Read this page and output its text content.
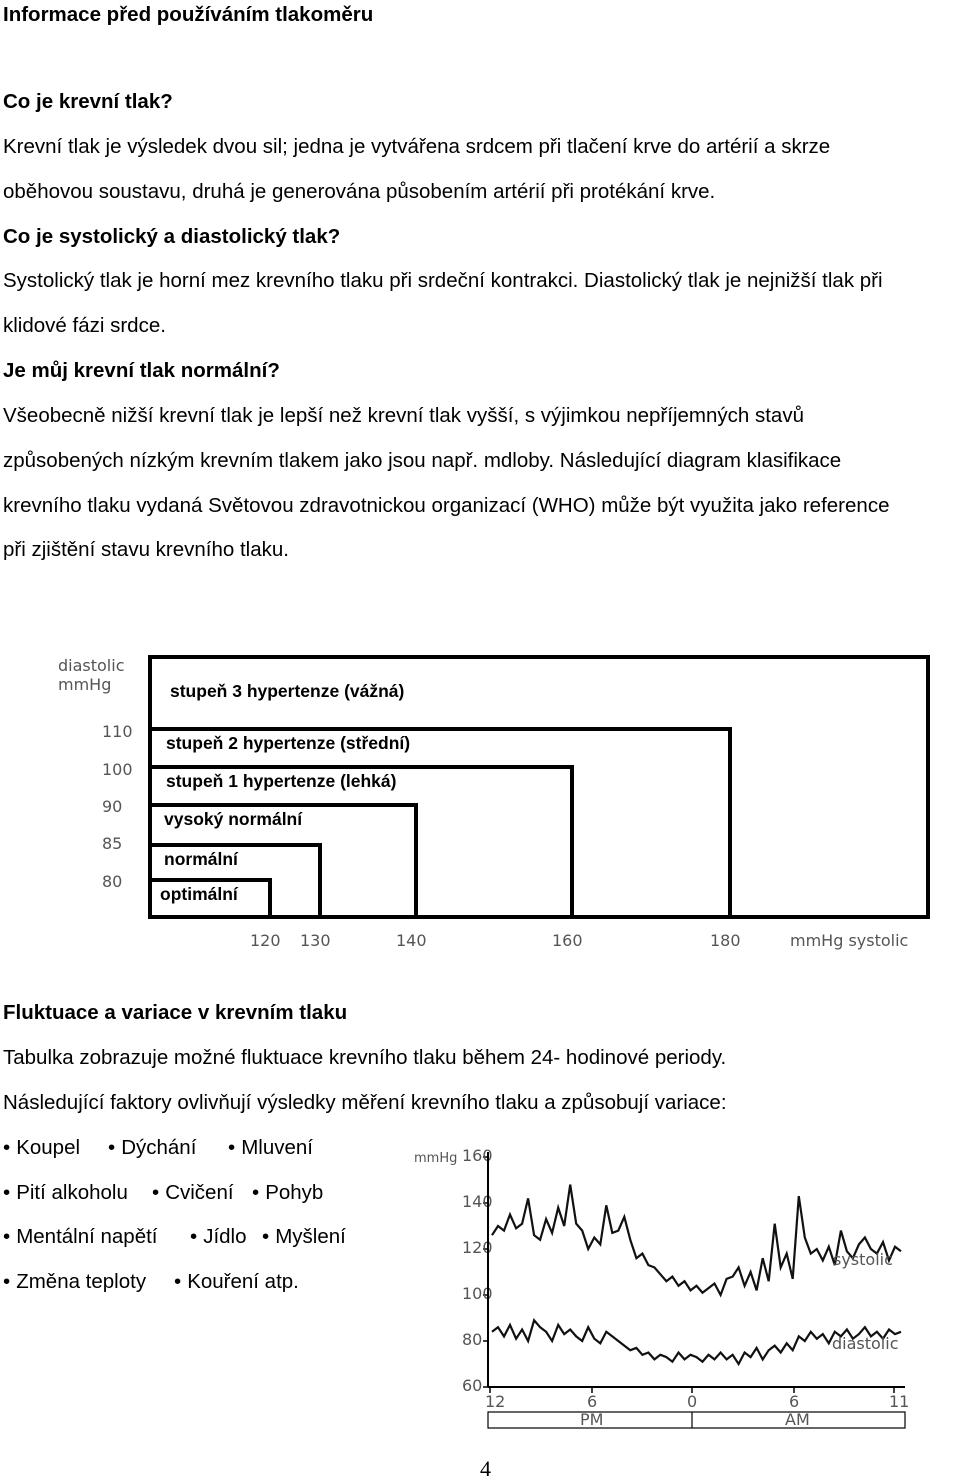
Informace před používáním tlakoměru
Co je krevní tlak?
Krevní tlak je výsledek dvou sil; jedna je vytvářena srdcem při tlačení krve do artérií a skrze
oběhovou soustavu, druhá je generována působením artérií při protékání krve.
Co je systolický a diastolický tlak?
Systolický tlak je horní mez krevního tlaku při srdeční kontrakci. Diastolický tlak je nejnižší tlak při
klidové fázi srdce.
Je můj krevní tlak normální?
Všeobecně nižší krevní tlak je lepší než krevní tlak vyšší, s výjimkou nepříjemných stavů
způsobených nízkým krevním tlakem jako jsou např. mdloby. Následující diagram klasifikace
krevního tlaku vydaná Světovou zdravotnickou organizací (WHO) může být využita jako reference
při zjištění stavu krevního tlaku.
diastolic mmHg	stupeň 3 hypertenze (vážná)
stupeň 2 hypertenze (střední)
stupeň 1 hypertenze (lehká)
vysoký normální
normální
optimální
110
100
90
85
80
120 130	140	160	180	mmHg systolic
Fluktuace a variace v krevním tlaku
Tabulka zobrazuje možné fluktuace krevního tlaku během 24- hodinové periody.
Následující faktory ovlivňují výsledky měření krevního tlaku a způsobují variace:
• Koupel • Dýchání • Mluvení
• Pití alkoholu • Cvičení • Pohyb
• Mentální napětí • Jídlo • Myšlení
• Změna teploty • Kouření atp.
mmHg 160
140
120
100
80
60
systolic
diastolic
12	6	0	6	11
PM	AM
4
